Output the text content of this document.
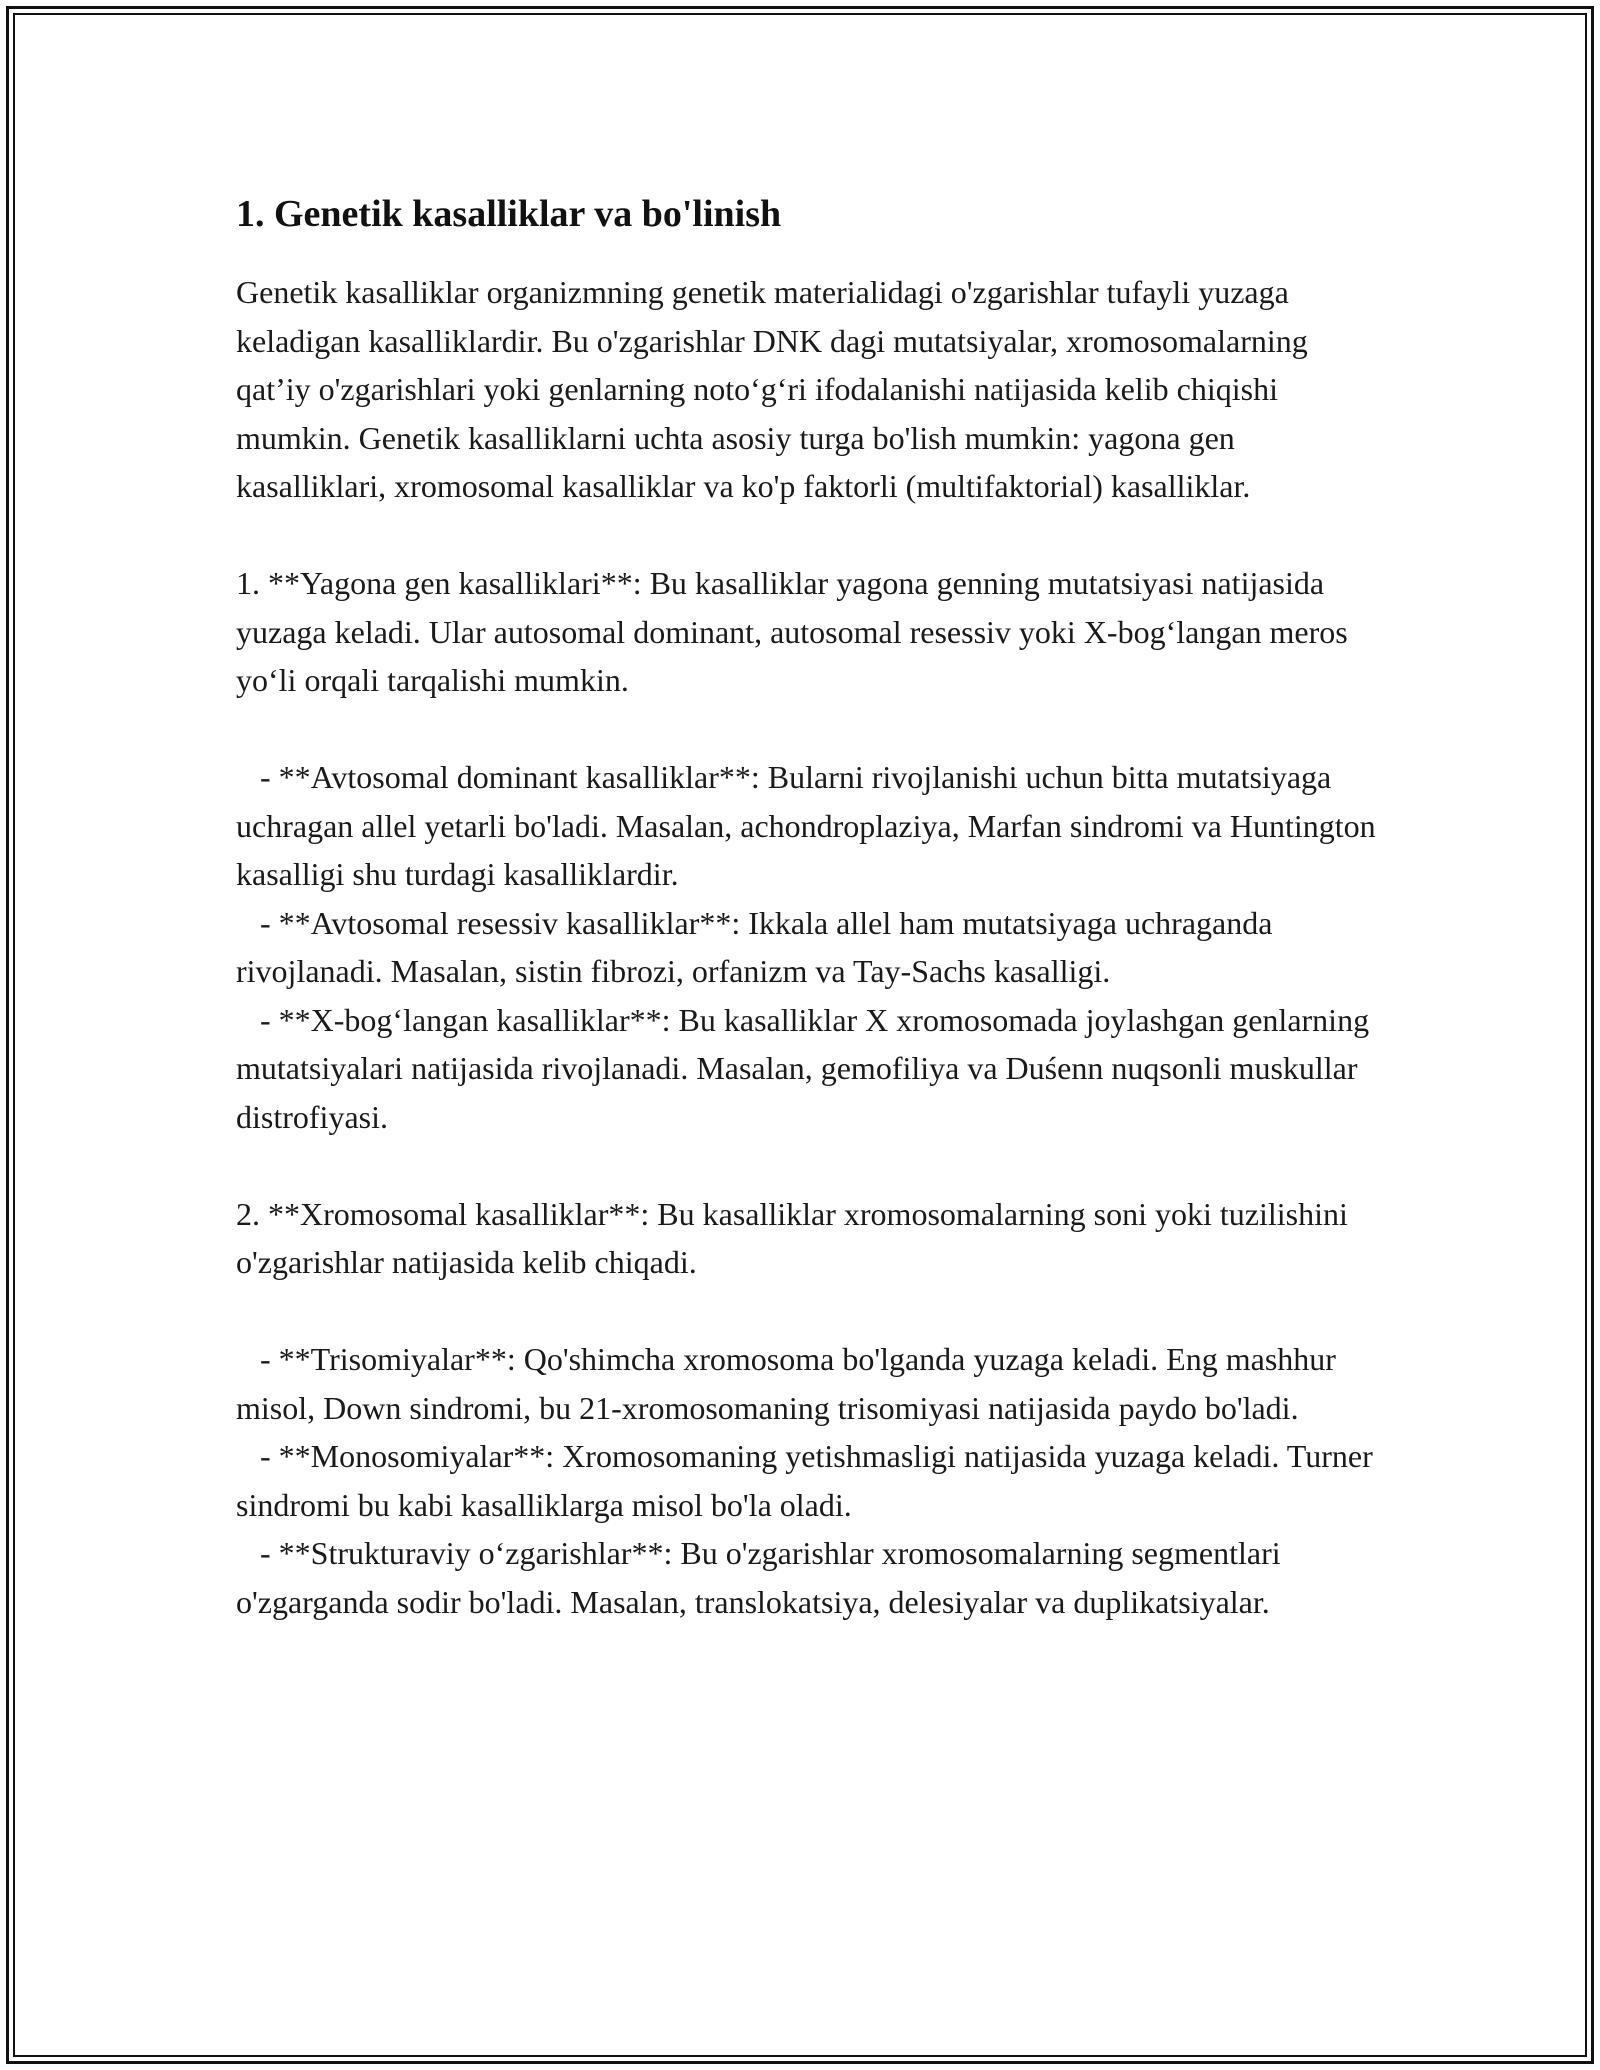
1. Genetik kasalliklar va bo'linish

Genetik kasalliklar organizmning genetik materialidagi o'zgarishlar tufayli yuzaga keladigan kasalliklardir. Bu o'zgarishlar DNK dagi mutatsiyalar, xromosomalarning qat’iy o'zgarishlari yoki genlarning noto‘g‘ri ifodalanishi natijasida kelib chiqishi mumkin. Genetik kasalliklarni uchta asosiy turga bo'lish mumkin: yagona gen kasalliklari, xromosomal kasalliklar va ko'p faktorli (multifaktorial) kasalliklar.

1. **Yagona gen kasalliklari**: Bu kasalliklar yagona genning mutatsiyasi natijasida yuzaga keladi. Ular autosomal dominant, autosomal resessiv yoki X-bog‘langan meros yo‘li orqali tarqalishi mumkin.

- **Avtosomal dominant kasalliklar**: Bularni rivojlanishi uchun bitta mutatsiyaga uchragan allel yetarli bo'ladi. Masalan, achondroplaziya, Marfan sindromi va Huntington kasalligi shu turdagi kasalliklardir.

- **Avtosomal resessiv kasalliklar**: Ikkala allel ham mutatsiyaga uchraganda rivojlanadi. Masalan, sistin fibrozi, orfanizm va Tay-Sachs kasalligi.

- **X-bog‘langan kasalliklar**: Bu kasalliklar X xromosomada joylashgan genlarning mutatsiyalari natijasida rivojlanadi. Masalan, gemofiliya va Duśenn nuqsonli muskullar distrofiyasi.

2. **Xromosomal kasalliklar**: Bu kasalliklar xromosomalarning soni yoki tuzilishini o'zgarishlar natijasida kelib chiqadi.

- **Trisomiyalar**: Qo'shimcha xromosoma bo'lganda yuzaga keladi. Eng mashhur misol, Down sindromi, bu 21-xromosomaning trisomiyasi natijasida paydo bo'ladi.

- **Monosomiyalar**: Xromosomaning yetishmasligi natijasida yuzaga keladi. Turner sindromi bu kabi kasalliklarga misol bo'la oladi.

- **Strukturaviy o‘zgarishlar**: Bu o'zgarishlar xromosomalarning segmentlari o'zgarganda sodir bo'ladi. Masalan, translokatsiya, delesiyalar va duplikatsiyalar.
